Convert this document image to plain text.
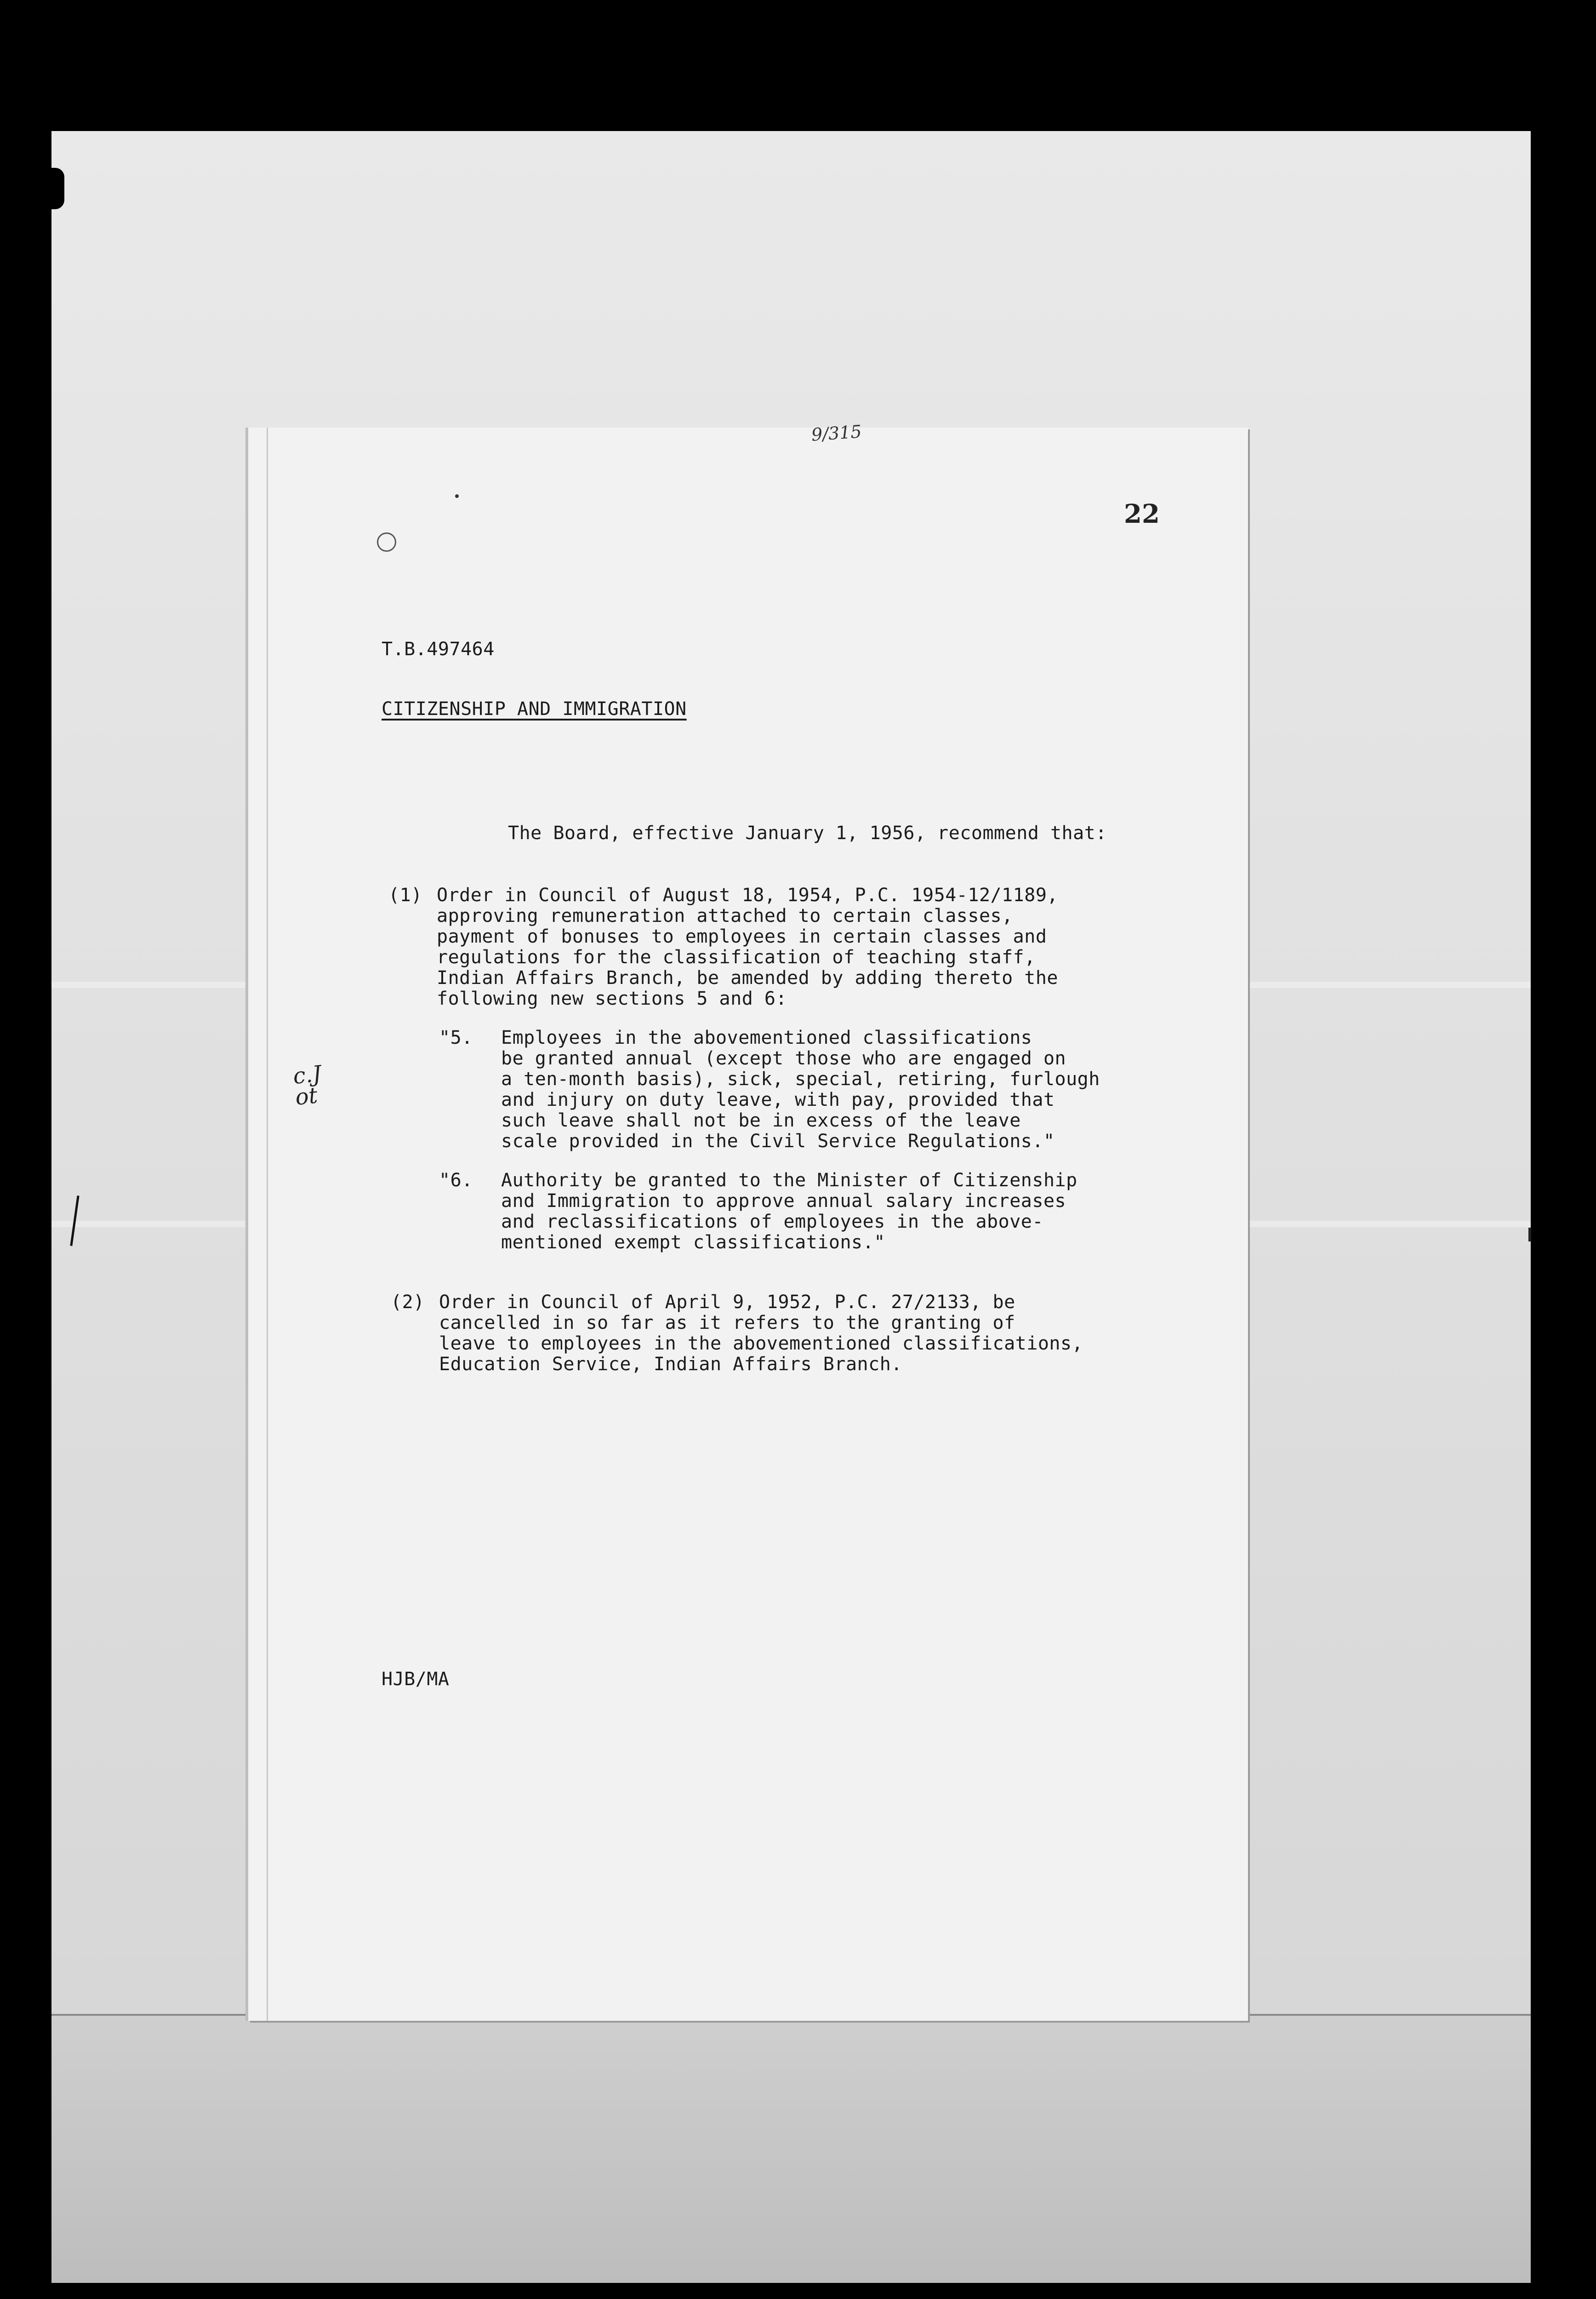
9/315
22
T.B.497464
CITIZENSHIP AND IMMIGRATION
The Board, effective January 1, 1956, recommend that:
(1) Order in Council of August 18, 1954, P.C. 1954-12/1189,
approving remuneration attached to certain classes,
payment of bonuses to employees in certain classes and
regulations for the classification of teaching staff,
Indian Affairs Branch, be amended by adding thereto the
following new sections 5 and 6:
"5. Employees in the abovementioned classifications
be granted annual (except those who are engaged on
a ten-month basis), sick, special, retiring, furlough
and injury on duty leave, with pay, provided that
such leave shall not be in excess of the leave
scale provided in the Civil Service Regulations."
"6. Authority be granted to the Minister of Citizenship
and Immigration to approve annual salary increases
and reclassifications of employees in the above-
mentioned exempt classifications."
(2) Order in Council of April 9, 1952, P.C. 27/2133, be
cancelled in so far as it refers to the granting of
leave to employees in the abovementioned classifications,
Education Service, Indian Affairs Branch.
HJB/MA
c.J
ot
